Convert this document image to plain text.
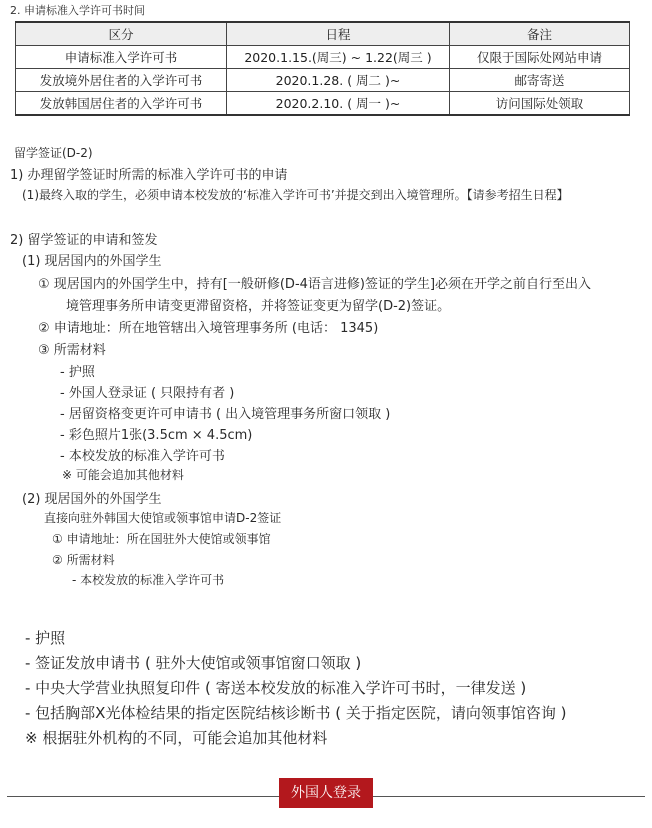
2. 申请标准入学许可书时间
区分	日程	备注
申请标准入学许可书	2020.1.15.(周三) ~ 1.22(周三 )	仅限于国际处网站申请
发放境外居住者的入学许可书	2020.1.28. ( 周二 )~	邮寄寄送
发放韩国居住者的入学许可书	2020.2.10. ( 周一 )~	访问国际处领取
留学签证(D-2)
1) 办理留学签证时所需的标准入学许可书的申请
(1)最终入取的学生，必须申请本校发放的‘标准入学许可书’并提交到出入境管理所。【请参考招生日程】
2) 留学签证的申请和签发
(1) 现居国内的外国学生
① 现居国内的外国学生中，持有[一般研修(D-4语言进修)签证的学生]必须在开学之前自行至出入
境管理事务所申请变更滞留资格，并将签证变更为留学(D-2)签证。
② 申请地址：所在地管辖出入境管理事务所 (电话： 1345)
③ 所需材料
- 护照
- 外国人登录证 ( 只限持有者 )
- 居留资格变更许可申请书 ( 出入境管理事务所窗口领取 )
- 彩色照片1张(3.5cm × 4.5cm)
- 本校发放的标准入学许可书
※ 可能会追加其他材料
(2) 现居国外的外国学生
直接向驻外韩国大使馆或领事馆申请D-2签证
① 申请地址：所在国驻外大使馆或领事馆
② 所需材料
- 本校发放的标准入学许可书
- 护照
- 签证发放申请书 ( 驻外大使馆或领事馆窗口领取 )
- 中央大学营业执照复印件 ( 寄送本校发放的标准入学许可书时，一律发送 )
- 包括胸部X光体检结果的指定医院结核诊断书 ( 关于指定医院，请向领事馆咨询 )
※ 根据驻外机构的不同，可能会追加其他材料
外国人登录
